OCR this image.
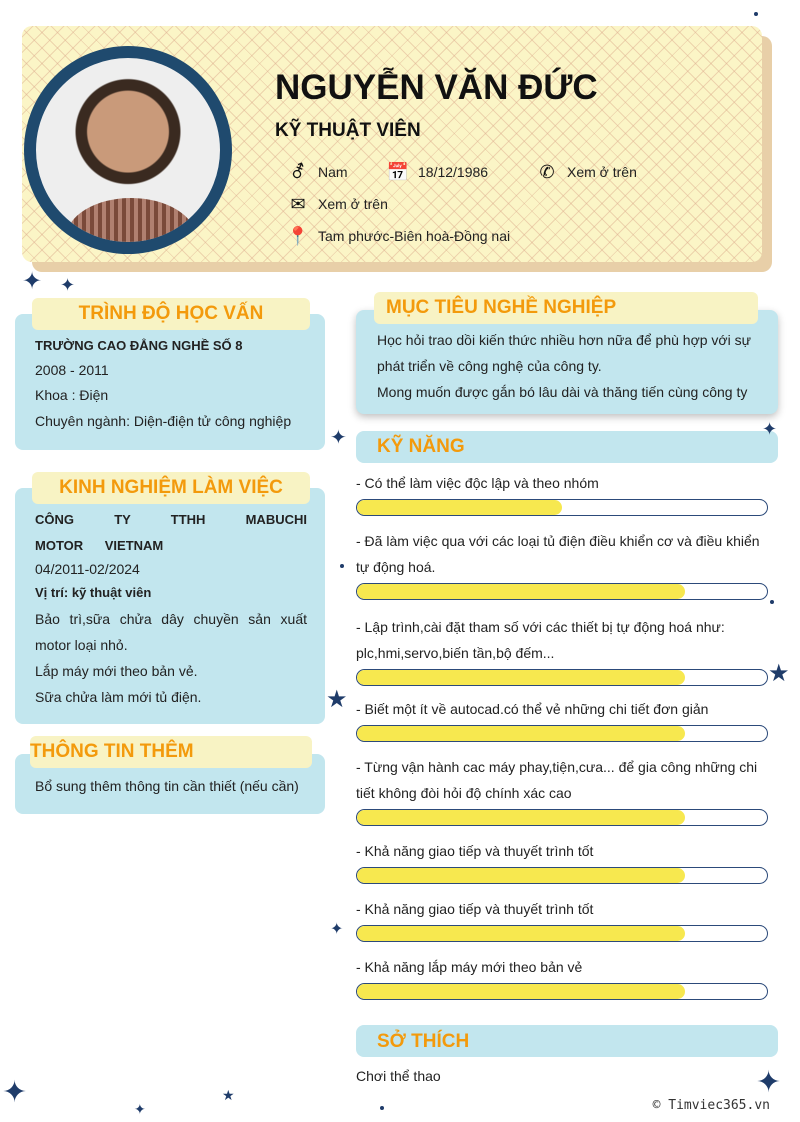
NGUYỄN VĂN ĐỨC
KỸ THUẬT VIÊN
⚦ Nam 📅 18/12/1986	✆ Xem ở trên
✉ Xem ở trên
📍 Tam phước-Biên hoà-Đồng nai
TRÌNH ĐỘ HỌC VẤN
TRƯỜNG CAO ĐẲNG NGHỀ SỐ 8
2008 - 2011
Khoa : Điện
Chuyên ngành: Diện-điện tử công nghiệp
KINH NGHIỆM LÀM VIỆC
CÔNG TY TTHH MABUCHI MOTOR VIETNAM
04/2011-02/2024
Vị trí: kỹ thuật viên
Bảo trì,sữa chửa dây chuyền sản xuất motor loại nhỏ.
Lắp máy mới theo bản vẻ.
Sữa chửa làm mới tủ điện.
THÔNG TIN THÊM
Bổ sung thêm thông tin cần thiết (nếu cần)
MỤC TIÊU NGHỀ NGHIỆP
Học hỏi trao dồi kiến thức nhiều hơn nữa để phù hợp với sự phát triển về công nghệ của công ty.
Mong muốn được gắn bó lâu dài và thăng tiến cùng công ty
KỸ NĂNG
- Có thể làm việc độc lập và theo nhóm
- Đã làm việc qua với các loại tủ điện điều khiển cơ và điều khiển tự động hoá.
- Lập trình,cài đặt tham số với các thiết bị tự động hoá như: plc,hmi,servo,biến tần,bộ đếm...
- Biết một ít về autocad.có thể vẻ những chi tiết đơn giản
- Từng vận hành cac máy phay,tiện,cưa... để gia công những chi tiết không đòi hỏi độ chính xác cao
- Khả năng giao tiếp và thuyết trình tốt
- Khả năng giao tiếp và thuyết trình tốt
- Khả năng lắp máy mới theo bản vẻ
SỞ THÍCH
Chơi thể thao
© Timviec365.vn
✦ ✦
✦
★
★
✦
✦	✦
✦
★
✦
